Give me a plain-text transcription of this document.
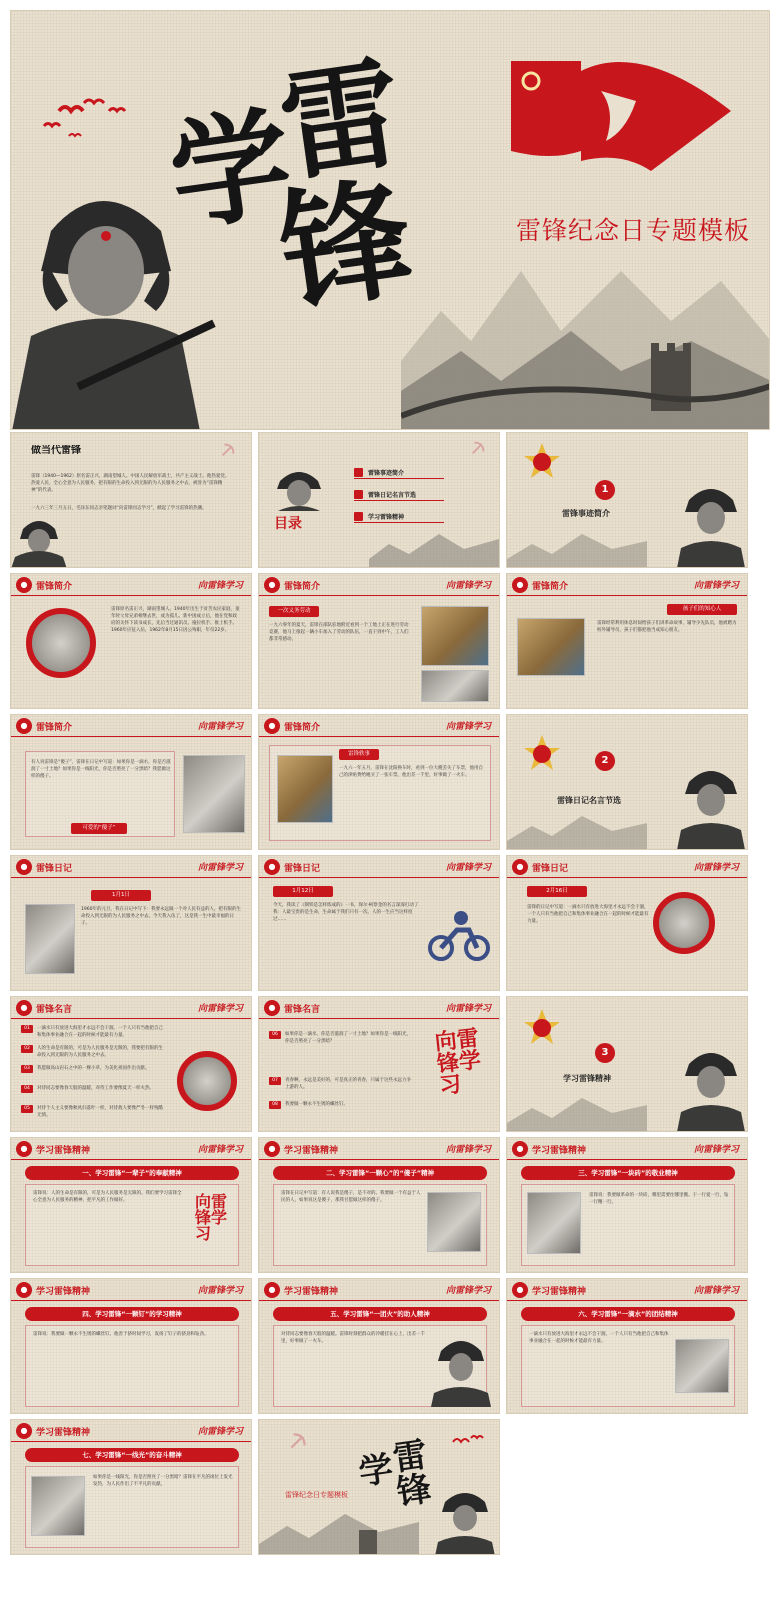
学
雷
锋	雷锋纪念日专题模板
做当代雷锋
雷锋（1940—1962）原名雷正兴，湖南望城人。中国人民解放军战士，共产主义战士。他热爱党、热爱人民，全心全意为人民服务，把有限的生命投入到无限的为人民服务之中去，被誉为“雷锋精神”的代表。
一九六三年三月五日，毛泽东同志亲笔题词“向雷锋同志学习”，掀起了学习雷锋的热潮。
目录
雷锋事迹简介
雷锋日记名言节选
学习雷锋精神
1
雷锋事迹简介
● 雷锋简介	向雷锋学习
雷锋原名雷正兴，湖南望城人。1940年出生于贫苦农民家庭，童年时父母兄弟相继去世，成为孤儿。新中国成立后，他在党和政府的关怀下读书成长，先后当过通讯员、拖拉机手、推土机手。1960年应征入伍，1962年8月15日因公殉职，年仅22岁。
● 雷锋简介	向雷锋学习
一次义务劳动
一九六零年的夏天，雷锋在部队驻地附近看到一个工地上正在进行劳动竞赛，他马上推起一辆小车加入了劳动的队伍，一直干到中午，工人们都非常感动。
● 雷锋简介	向雷锋学习
孩子们的知心人
雷锋经常利用休息时间给孩子们讲革命故事，辅导少先队员，他被聘为校外辅导员，孩子们都把他当成知心朋友。
● 雷锋简介	向雷锋学习
有人说雷锋是“傻子”，雷锋在日记中写道：如果你是一滴水，你是否滋润了一寸土地？如果你是一线阳光，你是否照亮了一分黑暗？我愿做这样的傻子。
可爱的“傻子”
● 雷锋简介	向雷锋学习
雷锋轶事
一九六一年五月，雷锋在沈阳换车时，看到一位大嫂丢失了车票，他用自己的津贴费给她买了一张车票。他出差一千里，好事做了一火车。
2
雷锋日记名言节选
● 雷锋日记	向雷锋学习
1月1日
1960年的元旦，我在日记中写下：我要永远做一个对人民有益的人，把有限的生命投入到无限的为人民服务之中去。今天我入伍了，这是我一生中最幸福的日子。
● 雷锋日记	向雷锋学习
1月12日
今天，我读了《钢铁是怎样炼成的》一书，保尔·柯察金的名言深深打动了我：人最宝贵的是生命，生命属于我们只有一次。人的一生应当这样度过……
● 雷锋日记	向雷锋学习
2月16日
雷锋的日记中写道：一滴水只有放进大海里才永远不会干涸，一个人只有当他把自己和集体事业融合在一起的时候才能最有力量。
● 雷锋名言	向雷锋学习
01	一滴水只有放进大海里才永远不会干涸，一个人只有当他把自己和集体事业融合在一起的时候才能最有力量。
02	人的生命是有限的，可是为人民服务是无限的，我要把有限的生命投入到无限的为人民服务之中去。
03	我愿做高山岩石之中的一棵小草，为美化祖国作出贡献。
04	对待同志要像春天般的温暖，对待工作要像夏天一样火热。
05	对待个人主义要像秋风扫落叶一样，对待敌人要像严冬一样残酷无情。
● 雷锋名言	向雷锋学习
06	如果你是一滴水，你是否滋润了一寸土地？如果你是一线阳光，你是否照亮了一分黑暗？
07	青春啊，永远是美好的，可是真正的青春，只属于这些永远力争上游的人。
08	我要做一颗永不生锈的螺丝钉。
向雷锋学习
3
学习雷锋精神
● 学习雷锋精神	向雷锋学习
一、学习雷锋“一辈子”的奉献精神
雷锋说：人的生命是有限的，可是为人民服务是无限的。我们要学习雷锋全心全意为人民服务的精神，把平凡的工作做好。	向雷锋学习
● 学习雷锋精神	向雷锋学习
二、学习雷锋“一颗心”的“傻子”精神
雷锋在日记中写道：有人说我是傻子，是不对的。我要做一个有益于人民的人，如果说这是傻子，那我甘愿做这样的傻子。
● 学习雷锋精神	向雷锋学习
三、学习雷锋“一块砖”的敬业精神
雷锋说：我要做革命的一块砖，哪里需要往哪里搬。干一行爱一行，钻一行精一行。
● 学习雷锋精神	向雷锋学习
四、学习雷锋“一颗钉”的学习精神
雷锋说：我要做一颗永不生锈的螺丝钉。他善于挤时间学习，发扬了钉子的挤劲和钻劲。
● 学习雷锋精神	向雷锋学习
五、学习雷锋“一团火”的助人精神
对待同志要像春天般的温暖。雷锋时刻把群众的冷暖挂在心上，出差一千里，好事做了一火车。
● 学习雷锋精神	向雷锋学习
六、学习雷锋“一滴水”的团结精神
一滴水只有放进大海里才永远不会干涸，一个人只有当他把自己和集体事业融合在一起的时候才能最有力量。
● 学习雷锋精神	向雷锋学习
七、学习雷锋“一线光”的奋斗精神
如果你是一线阳光，你是否照亮了一分黑暗？雷锋在平凡的岗位上发光发热，为人民作出了不平凡的贡献。	学
雷
锋
雷锋纪念日专题模板
